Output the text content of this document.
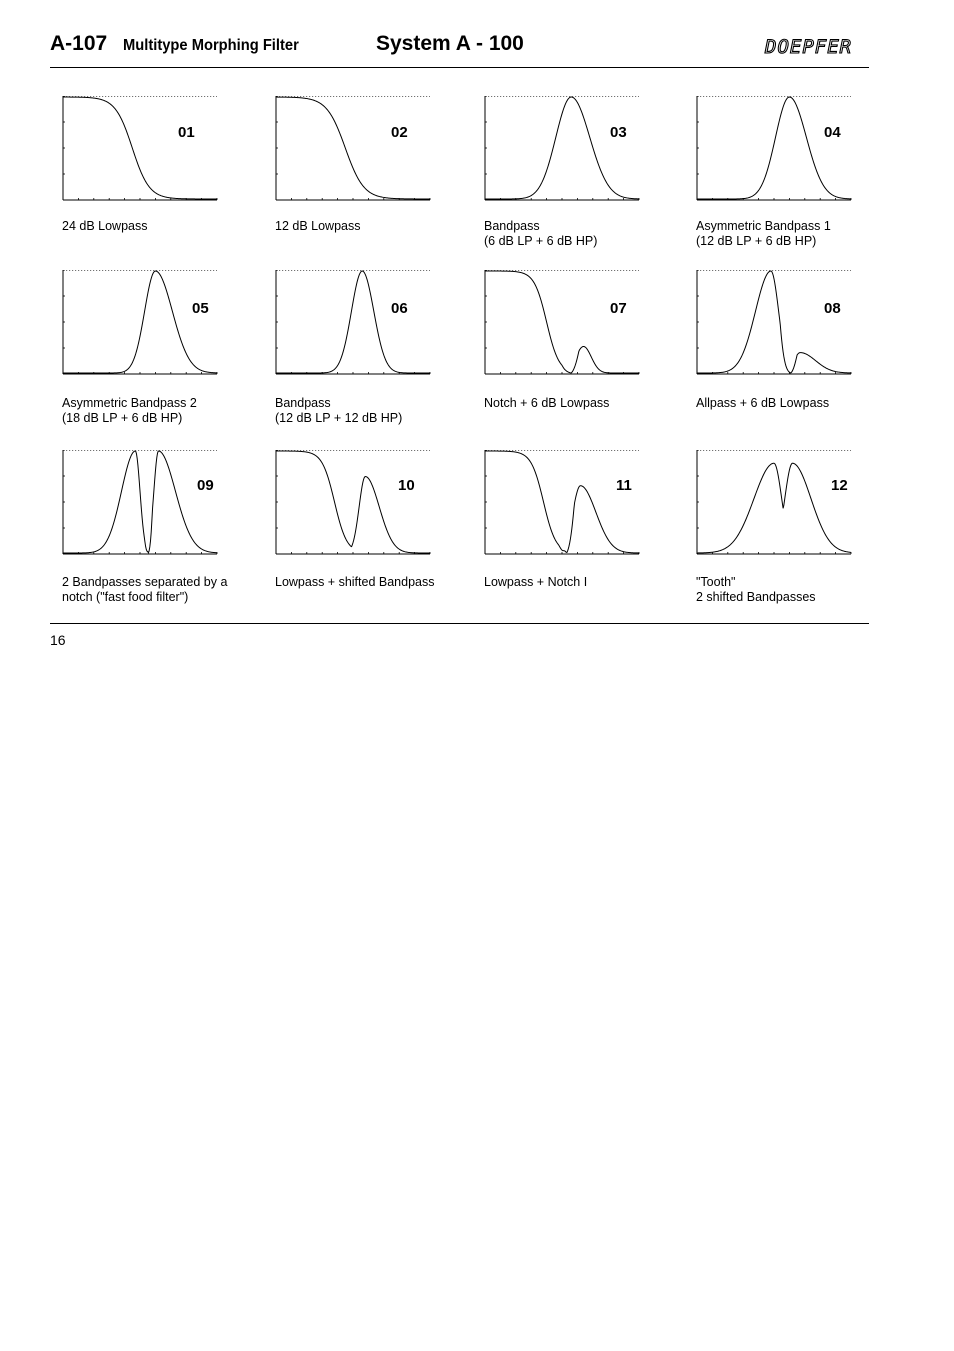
A-107 Multitype Morphing Filter	System A - 100	DOEPFER
01
24 dB Lowpass
02
12 dB Lowpass
03
Bandpass
(6 dB LP + 6 dB HP)
04
Asymmetric Bandpass 1
(12 dB LP + 6 dB HP)
05
Asymmetric Bandpass 2
(18 dB LP + 6 dB HP)
06
Bandpass
(12 dB LP + 12 dB HP)
07
Notch + 6 dB Lowpass
08
Allpass + 6 dB Lowpass
09
2 Bandpasses separated by a
notch ("fast food filter")
10
Lowpass + shifted Bandpass
11
Lowpass + Notch I
12
"Tooth"
2 shifted Bandpasses
16
